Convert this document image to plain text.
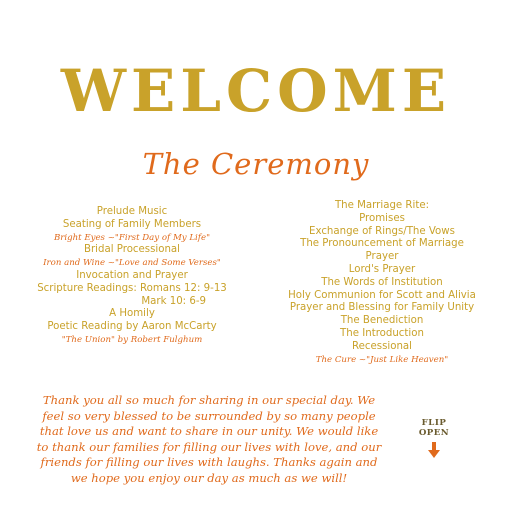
WELCOME
The Ceremony
Prelude Music
Seating of Family Members
Bright Eyes ~"First Day of My Life"
Bridal Processional
Iron and Wine ~"Love and Some Verses"
Invocation and Prayer
Scripture Readings: Romans 12: 9-13
Mark 10: 6-9
A Homily
Poetic Reading by Aaron McCarty
"The Union" by Robert Fulghum
The Marriage Rite:
Promises
Exchange of Rings/The Vows
The Pronouncement of Marriage
Prayer
Lord's Prayer
The Words of Institution
Holy Communion for Scott and Alivia
Prayer and Blessing for Family Unity
The Benediction
The Introduction
Recessional
The Cure ~"Just Like Heaven"
Thank you all so much for sharing in our special day. We
feel so very blessed to be surrounded by so many people
that love us and want to share in our unity. We would like
to thank our families for filling our lives with love, and our
friends for filling our lives with laughs. Thanks again and
we hope you enjoy our day as much as we will!
FLIP
OPEN
